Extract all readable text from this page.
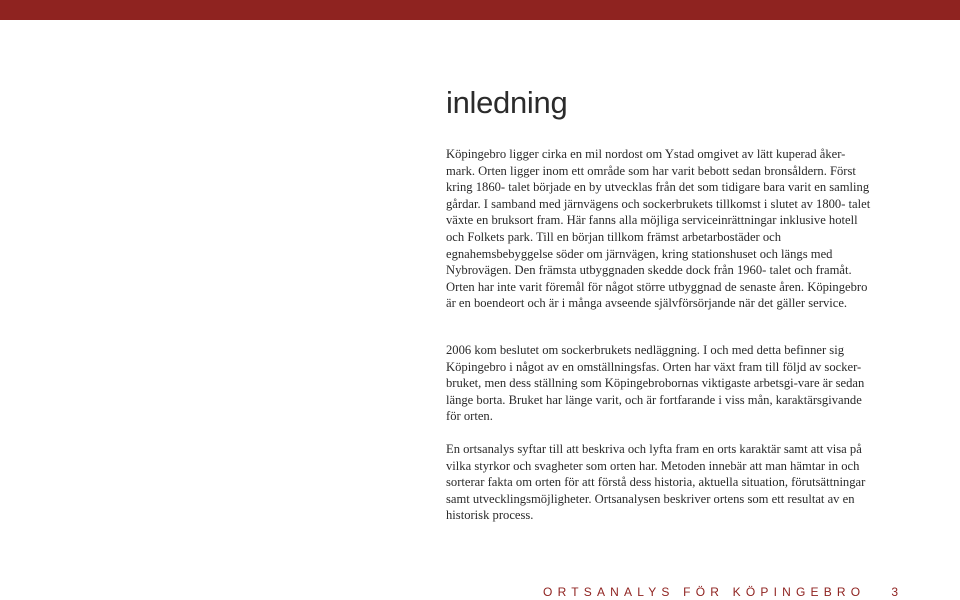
inledning

Köpingebro ligger cirka en mil nordost om Ystad omgivet av lätt kuperad åker-mark. Orten ligger inom ett område som har varit bebott sedan bronsåldern. Först kring 1860- talet började en by utvecklas från det som tidigare bara varit en samling gårdar. I samband med järnvägens och sockerbrukets tillkomst i slutet av 1800- talet växte en bruksort fram. Här fanns alla möjliga serviceinrättningar inklusive hotell och Folkets park. Till en början tillkom främst arbetarbostäder och egnahemsbebyggelse söder om järnvägen, kring stationshuset och längs med Nybrovägen. Den främsta utbyggnaden skedde dock från 1960- talet och framåt. Orten har inte varit föremål för något större utbyggnad de senaste åren. Köpingebro är en boendeort och är i många avseende självförsörjande när det gäller service.

2006 kom beslutet om sockerbrukets nedläggning. I och med detta befinner sig Köpingebro i något av en omställningsfas. Orten har växt fram till följd av socker-bruket, men dess ställning som Köpingebrobornas viktigaste arbetsgi-vare är sedan länge borta. Bruket har länge varit, och är fortfarande i viss mån, karaktärsgivande för orten.

En ortsanalys syftar till att beskriva och lyfta fram en orts karaktär samt att visa på vilka styrkor och svagheter som orten har. Metoden innebär att man hämtar in och sorterar fakta om orten för att förstå dess historia, aktuella situation, förutsättningar samt utvecklingsmöjligheter. Ortsanalysen beskriver ortens som ett resultat av en historisk process.

ORTSANALYS FÖR KÖPINGEBRO 3
